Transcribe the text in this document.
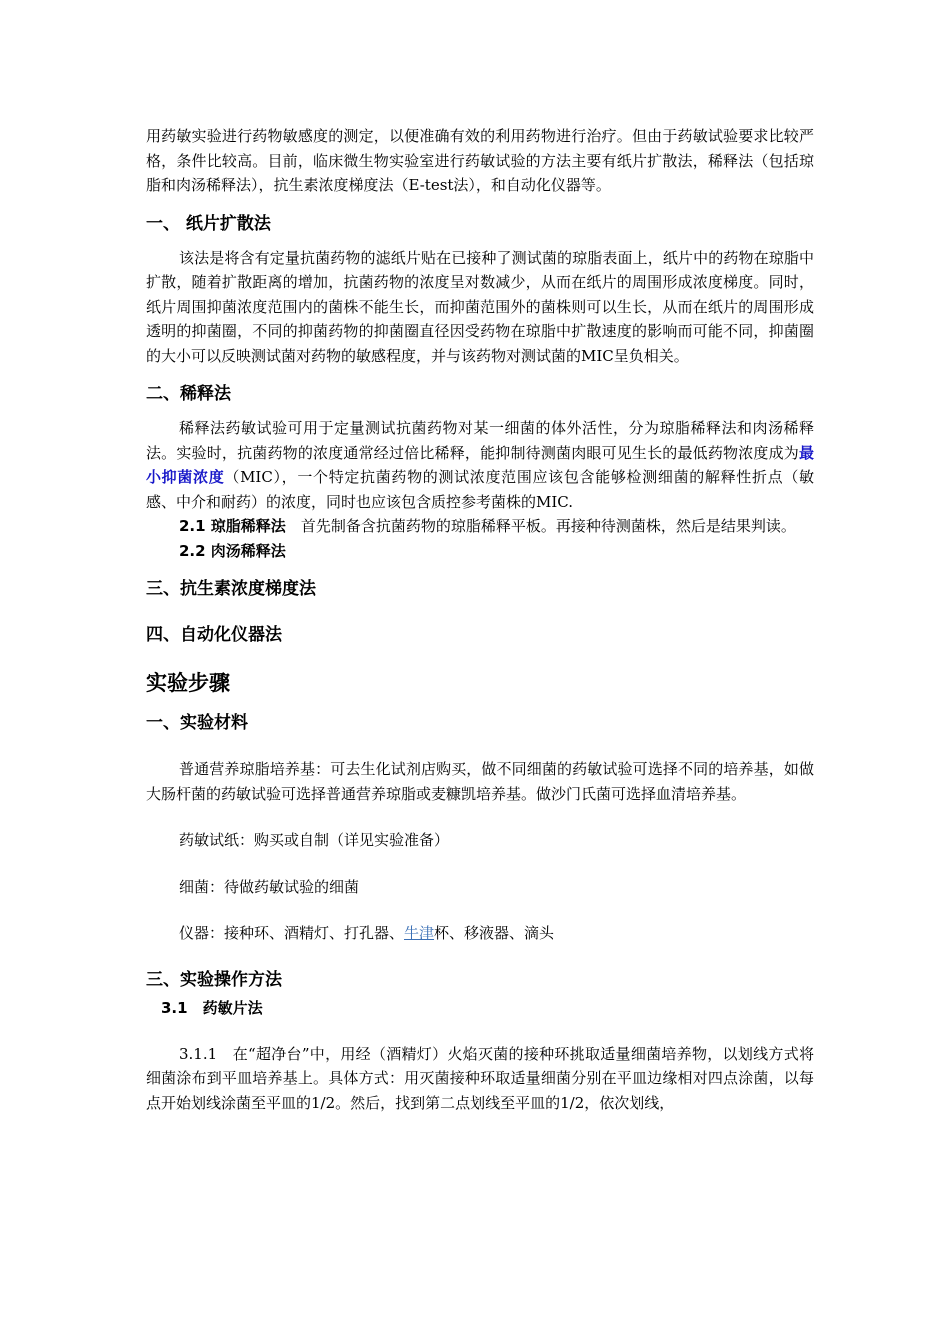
用药敏实验进行药物敏感度的测定，以便准确有效的利用药物进行治疗。但由于药敏试验要求比较严格，条件比较高。目前，临床微生物实验室进行药敏试验的方法主要有纸片扩散法，稀释法（包括琼脂和肉汤稀释法），抗生素浓度梯度法（E-test法），和自动化仪器等。

一、 纸片扩散法

该法是将含有定量抗菌药物的滤纸片贴在已接种了测试菌的琼脂表面上，纸片中的药物在琼脂中扩散，随着扩散距离的增加，抗菌药物的浓度呈对数减少，从而在纸片的周围形成浓度梯度。同时，纸片周围抑菌浓度范围内的菌株不能生长，而抑菌范围外的菌株则可以生长，从而在纸片的周围形成透明的抑菌圈，不同的抑菌药物的抑菌圈直径因受药物在琼脂中扩散速度的影响而可能不同，抑菌圈的大小可以反映测试菌对药物的敏感程度，并与该药物对测试菌的MIC呈负相关。

二、稀释法

稀释法药敏试验可用于定量测试抗菌药物对某一细菌的体外活性，分为琼脂稀释法和肉汤稀释法。实验时，抗菌药物的浓度通常经过倍比稀释，能抑制待测菌肉眼可见生长的最低药物浓度成为最小抑菌浓度（MIC），一个特定抗菌药物的测试浓度范围应该包含能够检测细菌的解释性折点（敏感、中介和耐药）的浓度，同时也应该包含质控参考菌株的MIC.

2.1 琼脂稀释法　 首先制备含抗菌药物的琼脂稀释平板。再接种待测菌株，然后是结果判读。

2.2 肉汤稀释法

三、抗生素浓度梯度法
四、自动化仪器法
实验步骤
一、实验材料

普通营养琼脂培养基：可去生化试剂店购买，做不同细菌的药敏试验可选择不同的培养基，如做大肠杆菌的药敏试验可选择普通营养琼脂或麦糠凯培养基。做沙门氏菌可选择血清培养基。

药敏试纸：购买或自制（详见实验准备）

细菌：待做药敏试验的细菌

仪器：接种环、酒精灯、打孔器、牛津杯、移液器、滴头

三、实验操作方法
3.1　药敏片法

3.1.1　在“超净台”中，用经（酒精灯）火焰灭菌的接种环挑取适量细菌培养物，以划线方式将细菌涂布到平皿培养基上。具体方式：用灭菌接种环取适量细菌分别在平皿边缘相对四点涂菌，以每点开始划线涂菌至平皿的1/2。然后，找到第二点划线至平皿的1/2，依次划线，
